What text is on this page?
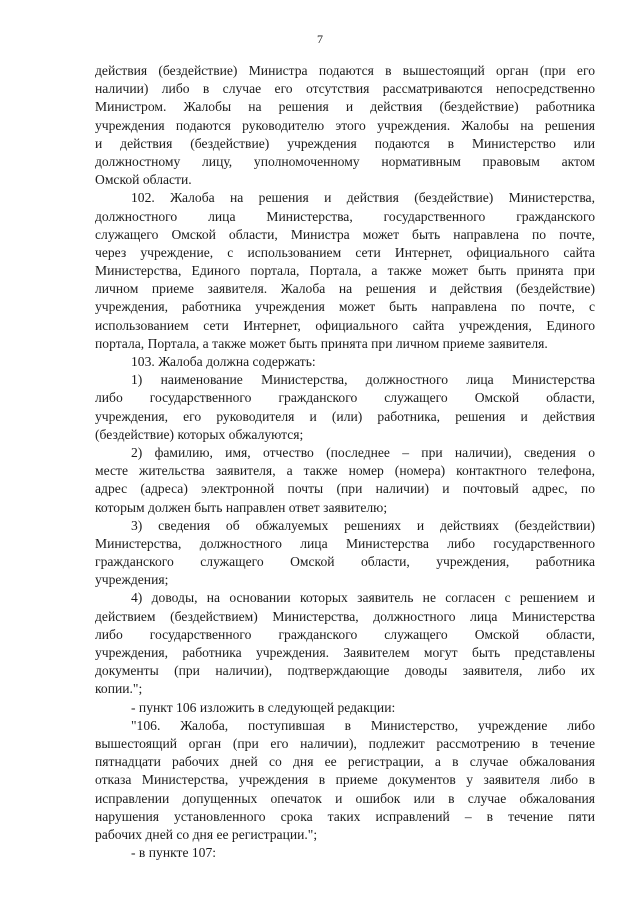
7
действия (бездействие) Министра подаются в вышестоящий орган (при его
наличии) либо в случае его отсутствия рассматриваются непосредственно
Министром. Жалобы на решения и действия (бездействие) работника
учреждения подаются руководителю этого учреждения. Жалобы на решения
и действия (бездействие) учреждения подаются в Министерство или
должностному лицу, уполномоченному нормативным правовым актом
Омской области.
102. Жалоба на решения и действия (бездействие) Министерства,
должностного лица Министерства, государственного гражданского
служащего Омской области, Министра может быть направлена по почте,
через учреждение, с использованием сети Интернет, официального сайта
Министерства, Единого портала, Портала, а также может быть принята при
личном приеме заявителя. Жалоба на решения и действия (бездействие)
учреждения, работника учреждения может быть направлена по почте, с
использованием сети Интернет, официального сайта учреждения, Единого
портала, Портала, а также может быть принята при личном приеме заявителя.
103. Жалоба должна содержать:
1) наименование Министерства, должностного лица Министерства
либо государственного гражданского служащего Омской области,
учреждения, его руководителя и (или) работника, решения и действия
(бездействие) которых обжалуются;
2) фамилию, имя, отчество (последнее – при наличии), сведения о
месте жительства заявителя, а также номер (номера) контактного телефона,
адрес (адреса) электронной почты (при наличии) и почтовый адрес, по
которым должен быть направлен ответ заявителю;
3) сведения об обжалуемых решениях и действиях (бездействии)
Министерства, должностного лица Министерства либо государственного
гражданского служащего Омской области, учреждения, работника
учреждения;
4) доводы, на основании которых заявитель не согласен с решением и
действием (бездействием) Министерства, должностного лица Министерства
либо государственного гражданского служащего Омской области,
учреждения, работника учреждения. Заявителем могут быть представлены
документы (при наличии), подтверждающие доводы заявителя, либо их
копии.";
- пункт 106 изложить в следующей редакции:
"106. Жалоба, поступившая в Министерство, учреждение либо
вышестоящий орган (при его наличии), подлежит рассмотрению в течение
пятнадцати рабочих дней со дня ее регистрации, а в случае обжалования
отказа Министерства, учреждения в приеме документов у заявителя либо в
исправлении допущенных опечаток и ошибок или в случае обжалования
нарушения установленного срока таких исправлений – в течение пяти
рабочих дней со дня ее регистрации.";
- в пункте 107:
